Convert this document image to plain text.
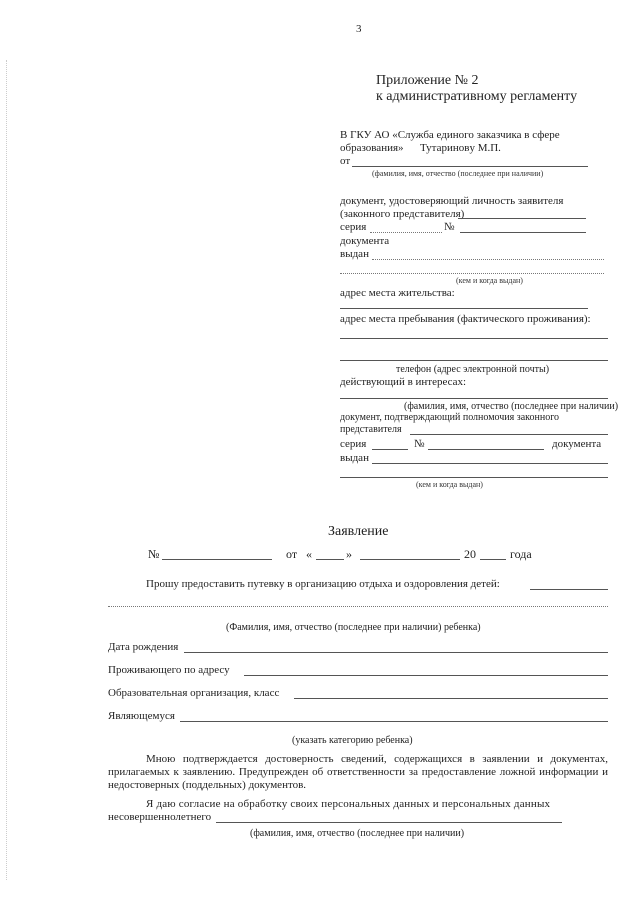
3
Приложение № 2
к административному регламенту
В ГКУ АО «Служба единого заказчика в сфере
образования» Тутариновy М.П.
от
(фамилия, имя, отчество (последнее при наличии)
документ, удостоверяющий личность заявителя
(законного представителя)
серия	№
документа
выдан
(кем и когда выдан)
адрес места жительства:
адрес места пребывания (фактического проживания):
телефон (адрес электронной почты)
действующий в интересах:
(фамилия, имя, отчество (последнее при наличии)
документ, подтверждающий полномочия законного
представителя
серия	№	документа
выдан
(кем и когда выдан)
Заявление
№	от «	»	20	года
Прошу предоставить путевку в организацию отдыха и оздоровления детей:
(Фамилия, имя, отчество (последнее при наличии) ребенка)
Дата рождения
Проживающего по адресу
Образовательная организация, класс
Являющемуся
(указать категорию ребенка)
Мною подтверждается достоверность сведений, содержащихся в заявлении и документах, прилагаемых к заявлению. Предупрежден об ответственности за предоставление ложной информации и недостоверных (поддельных) документов.
Я даю согласие на обработку своих персональных данных и персональных данных
несовершеннолетнего
(фамилия, имя, отчество (последнее при наличии)
